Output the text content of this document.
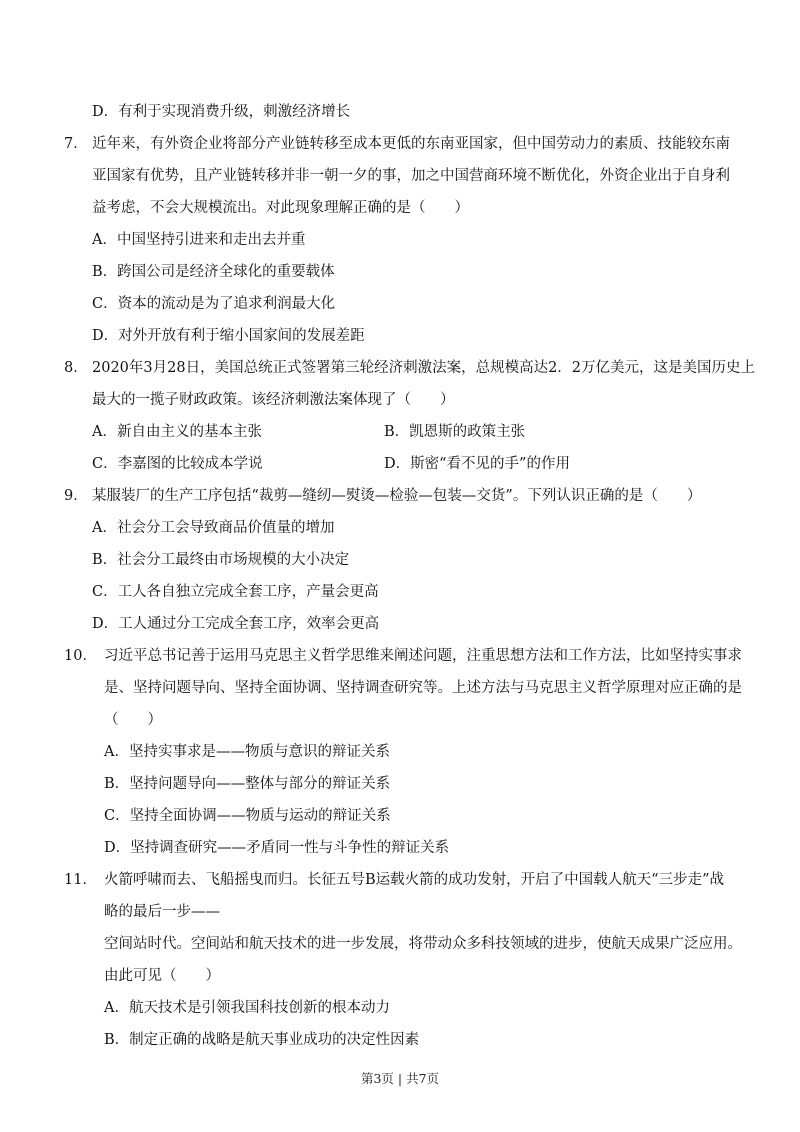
D．有利于实现消费升级，刺激经济增长
7． 近年来，有外资企业将部分产业链转移至成本更低的东南亚国家，但中国劳动力的素质、技能较东南
亚国家有优势，且产业链转移并非一朝一夕的事，加之中国营商环境不断优化，外资企业出于自身利
益考虑，不会大规模流出。对此现象理解正确的是（　　）
A．中国坚持引进来和走出去并重
B．跨国公司是经济全球化的重要载体
C．资本的流动是为了追求利润最大化
D．对外开放有利于缩小国家间的发展差距
8． 2020年3月28日，美国总统正式签署第三轮经济刺激法案，总规模高达2．2万亿美元，这是美国历史上
最大的一揽子财政政策。该经济刺激法案体现了（　　）
A．新自由主义的基本主张	B．凯恩斯的政策主张
C．李嘉图的比较成本学说	D．斯密“看不见的手”的作用
9． 某服装厂的生产工序包括“裁剪—缝纫—熨烫—检验—包装—交货”。下列认识正确的是（　　）
A．社会分工会导致商品价值量的增加
B．社会分工最终由市场规模的大小决定
C．工人各自独立完成全套工序，产量会更高
D．工人通过分工完成全套工序，效率会更高
10． 习近平总书记善于运用马克思主义哲学思维来阐述问题，注重思想方法和工作方法，比如坚持实事求
是、坚持问题导向、坚持全面协调、坚持调查研究等。上述方法与马克思主义哲学原理对应正确的是
（　　）
A．坚持实事求是——物质与意识的辩证关系
B．坚持问题导向——整体与部分的辩证关系
C．坚持全面协调——物质与运动的辩证关系
D．坚持调查研究——矛盾同一性与斗争性的辩证关系
11． 火箭呼啸而去、飞船摇曳而归。长征五号B运载火箭的成功发射，开启了中国载人航天“三步走”战
略的最后一步——
空间站时代。空间站和航天技术的进一步发展，将带动众多科技领域的进步，使航天成果广泛应用。
由此可见（　　）
A．航天技术是引领我国科技创新的根本动力
B．制定正确的战略是航天事业成功的决定性因素
第3页 | 共7页
